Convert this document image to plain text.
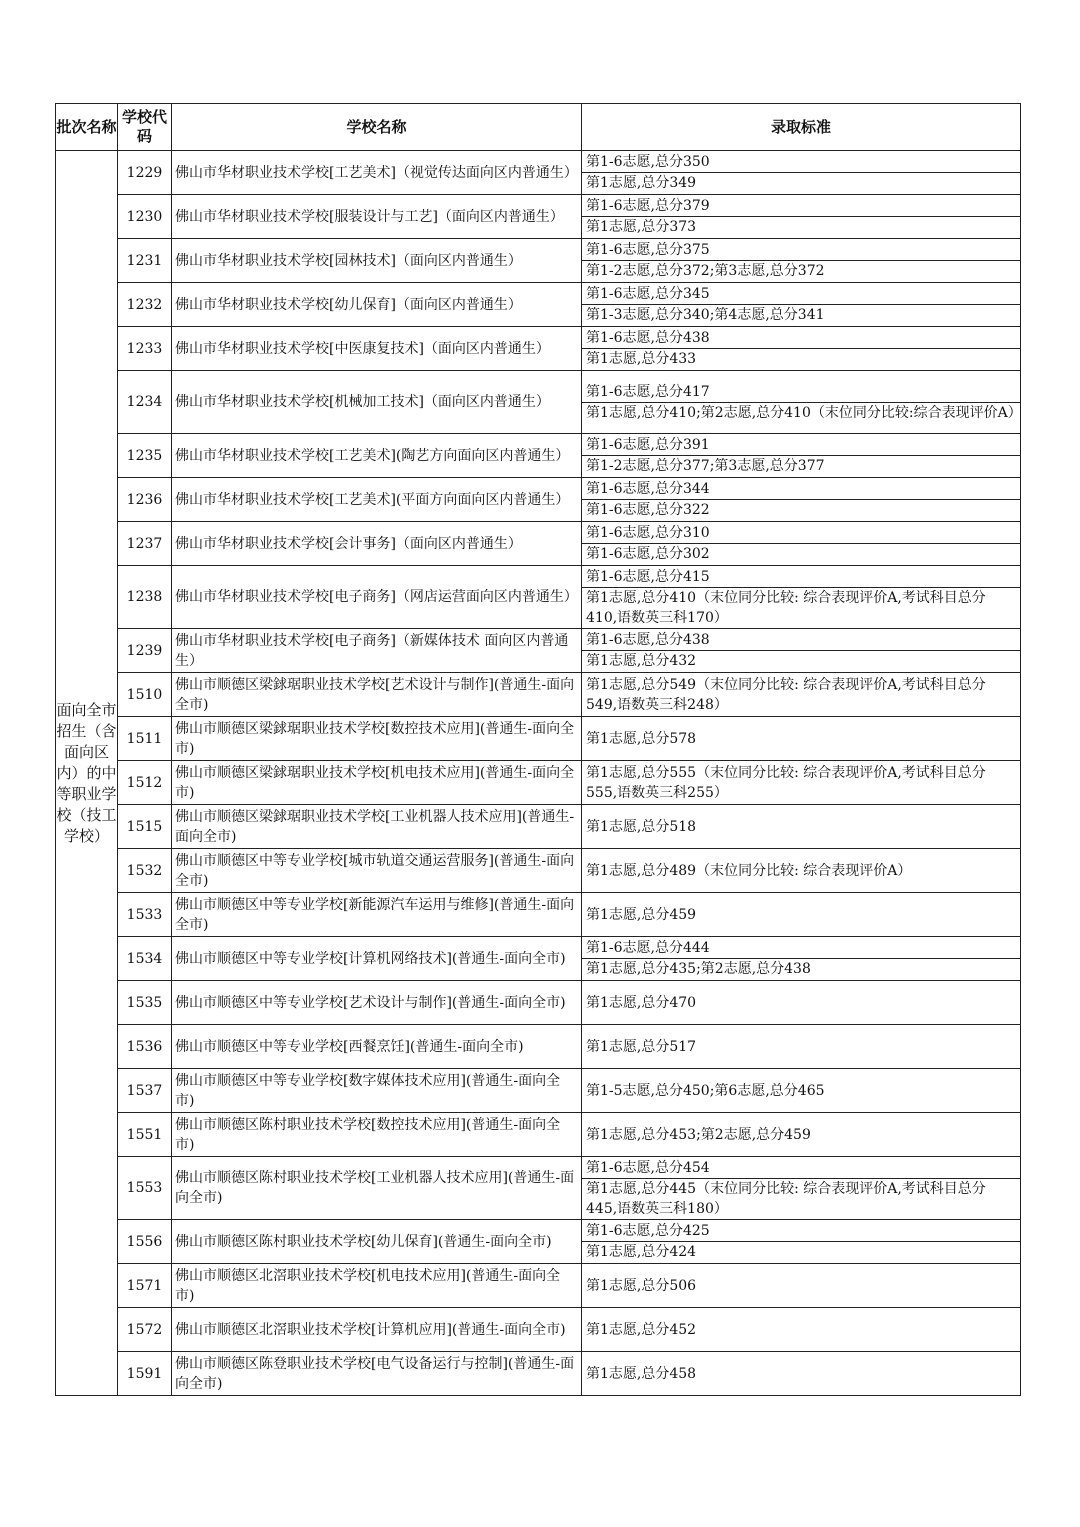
批次名称	学校代码	学校名称	录取标准
面向全市招生（含面向区内）的中等职业学校（技工学校）	1229	佛山市华材职业技术学校[工艺美术]（视觉传达面向区内普通生）	第1-6志愿,总分350
第1志愿,总分349

	1230	佛山市华材职业技术学校[服装设计与工艺]（面向区内普通生）	第1-6志愿,总分379
第1志愿,总分373

	1231	佛山市华材职业技术学校[园林技术]（面向区内普通生）	第1-6志愿,总分375
第1-2志愿,总分372;第3志愿,总分372

	1232	佛山市华材职业技术学校[幼儿保育]（面向区内普通生）	第1-6志愿,总分345
第1-3志愿,总分340;第4志愿,总分341

	1233	佛山市华材职业技术学校[中医康复技术]（面向区内普通生）	第1-6志愿,总分438
第1志愿,总分433

	1234	佛山市华材职业技术学校[机械加工技术]（面向区内普通生）	第1-6志愿,总分417
第1志愿,总分410;第2志愿,总分410（末位同分比较:综合表现评价A）

	1235	佛山市华材职业技术学校[工艺美术](陶艺方向面向区内普通生）	第1-6志愿,总分391
第1-2志愿,总分377;第3志愿,总分377

	1236	佛山市华材职业技术学校[工艺美术](平面方向面向区内普通生）	第1-6志愿,总分344
第1-6志愿,总分322

	1237	佛山市华材职业技术学校[会计事务]（面向区内普通生）	第1-6志愿,总分310
第1-6志愿,总分302

	1238	佛山市华材职业技术学校[电子商务]（网店运营面向区内普通生）	第1-6志愿,总分415
第1志愿,总分410（末位同分比较: 综合表现评价A,考试科目总分410,语数英三科170）

	1239	佛山市华材职业技术学校[电子商务]（新媒体技术 面向区内普通生）	第1-6志愿,总分438
第1志愿,总分432

	1510	佛山市顺德区梁銶琚职业技术学校[艺术设计与制作](普通生-面向全市)	第1志愿,总分549（末位同分比较: 综合表现评价A,考试科目总分549,语数英三科248）

	1511	佛山市顺德区梁銶琚职业技术学校[数控技术应用](普通生-面向全市)	第1志愿,总分578

	1512	佛山市顺德区梁銶琚职业技术学校[机电技术应用](普通生-面向全市)	第1志愿,总分555（末位同分比较: 综合表现评价A,考试科目总分555,语数英三科255）

	1515	佛山市顺德区梁銶琚职业技术学校[工业机器人技术应用](普通生-面向全市)	第1志愿,总分518

	1532	佛山市顺德区中等专业学校[城市轨道交通运营服务](普通生-面向全市)	第1志愿,总分489（末位同分比较: 综合表现评价A）

	1533	佛山市顺德区中等专业学校[新能源汽车运用与维修](普通生-面向全市)	第1志愿,总分459

	1534	佛山市顺德区中等专业学校[计算机网络技术](普通生-面向全市)	第1-6志愿,总分444
第1志愿,总分435;第2志愿,总分438

	1535	佛山市顺德区中等专业学校[艺术设计与制作](普通生-面向全市)	第1志愿,总分470

	1536	佛山市顺德区中等专业学校[西餐烹饪](普通生-面向全市)	第1志愿,总分517

	1537	佛山市顺德区中等专业学校[数字媒体技术应用](普通生-面向全市)	第1-5志愿,总分450;第6志愿,总分465

	1551	佛山市顺德区陈村职业技术学校[数控技术应用](普通生-面向全市)	第1志愿,总分453;第2志愿,总分459

	1553	佛山市顺德区陈村职业技术学校[工业机器人技术应用](普通生-面向全市)	第1-6志愿,总分454
第1志愿,总分445（末位同分比较: 综合表现评价A,考试科目总分445,语数英三科180）

	1556	佛山市顺德区陈村职业技术学校[幼儿保育](普通生-面向全市)	第1-6志愿,总分425
第1志愿,总分424

	1571	佛山市顺德区北滘职业技术学校[机电技术应用](普通生-面向全市)	第1志愿,总分506

	1572	佛山市顺德区北滘职业技术学校[计算机应用](普通生-面向全市)	第1志愿,总分452

	1591	佛山市顺德区陈登职业技术学校[电气设备运行与控制](普通生-面向全市)	第1志愿,总分458
